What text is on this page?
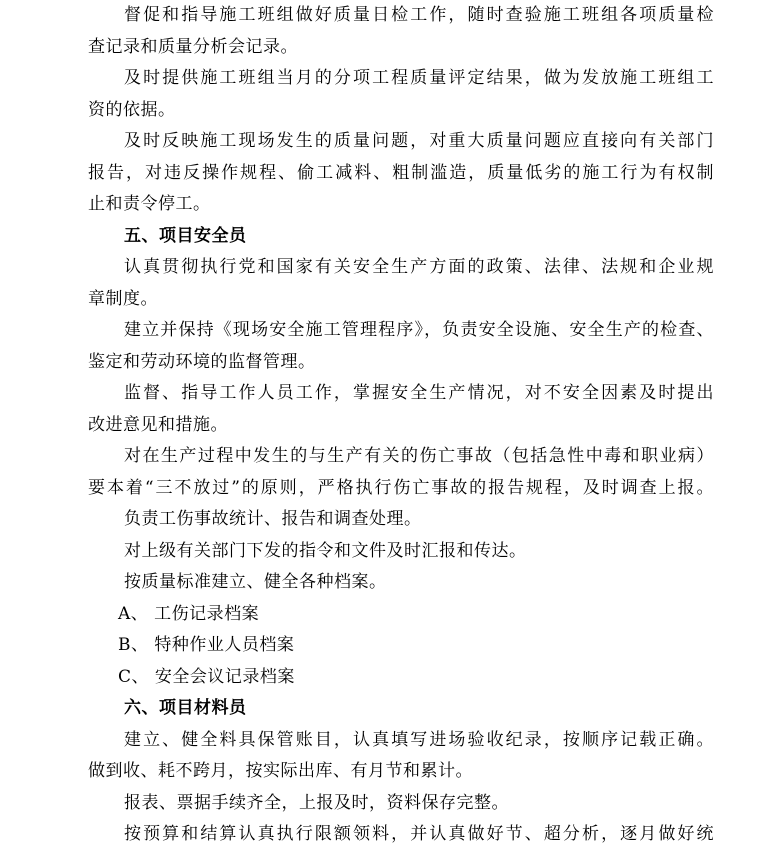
督促和指导施工班组做好质量日检工作，随时查验施工班组各项质量检
查记录和质量分析会记录。
及时提供施工班组当月的分项工程质量评定结果，做为发放施工班组工
资的依据。
及时反映施工现场发生的质量问题，对重大质量问题应直接向有关部门
报告，对违反操作规程、偷工减料、粗制滥造，质量低劣的施工行为有权制
止和责令停工。
五、项目安全员
认真贯彻执行党和国家有关安全生产方面的政策、法律、法规和企业规
章制度。
建立并保持《现场安全施工管理程序》，负责安全设施、安全生产的检查、
鉴定和劳动环境的监督管理。
监督、指导工作人员工作，掌握安全生产情况，对不安全因素及时提出
改进意见和措施。
对在生产过程中发生的与生产有关的伤亡事故（包括急性中毒和职业病）
要本着“三不放过”的原则，严格执行伤亡事故的报告规程，及时调查上报。
负责工伤事故统计、报告和调查处理。
对上级有关部门下发的指令和文件及时汇报和传达。
按质量标准建立、健全各种档案。
A、 工伤记录档案
B、 特种作业人员档案
C、 安全会议记录档案
六、项目材料员
建立、健全料具保管账目，认真填写进场验收纪录，按顺序记载正确。
做到收、耗不跨月，按实际出库、有月节和累计。
报表、票据手续齐全，上报及时，资料保存完整。
按预算和结算认真执行限额领料，并认真做好节、超分析，逐月做好统
